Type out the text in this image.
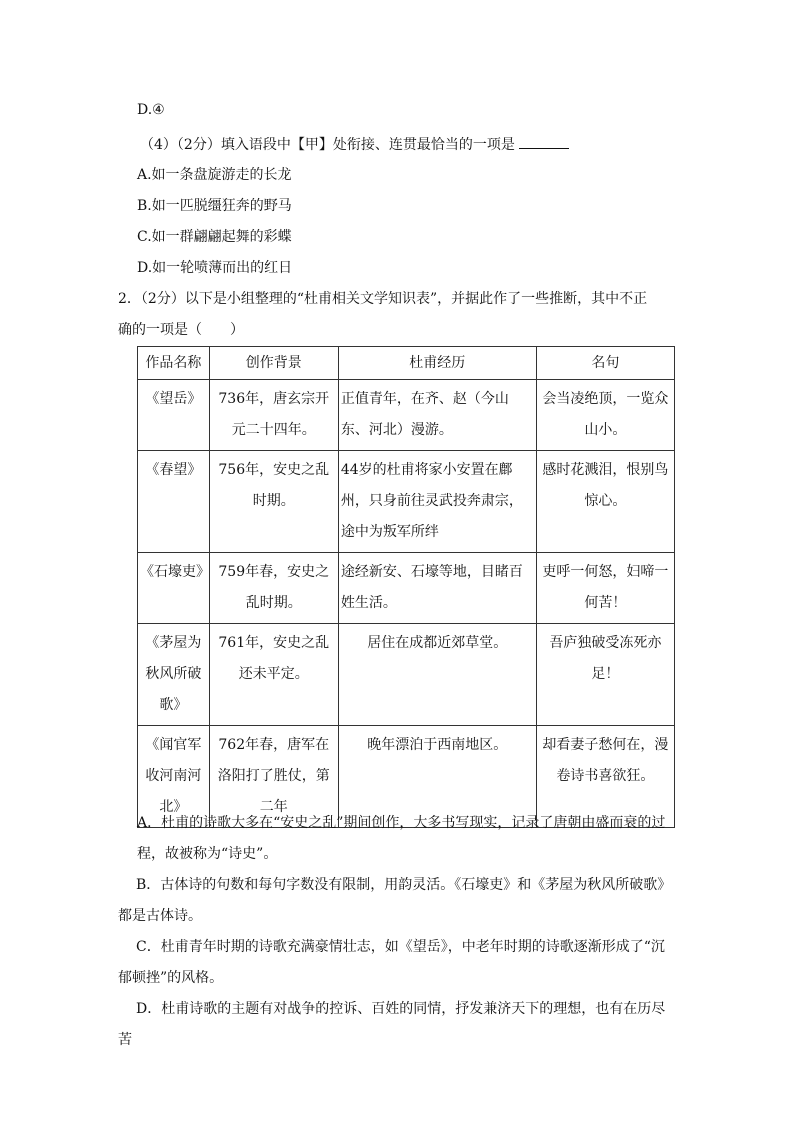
D.④
（4）（2分）填入语段中【甲】处衔接、连贯最恰当的一项是
A.如一条盘旋游走的长龙
B.如一匹脱缰狂奔的野马
C.如一群翩翩起舞的彩蝶
D.如一轮喷薄而出的红日
2．（2分）以下是小组整理的“杜甫相关文学知识表”，并据此作了一些推断，其中不正
确的一项是（　　）
作品名称	创作背景	杜甫经历	名句
《望岳》	736年，唐玄宗开元二十四年。	正值青年，在齐、赵（今山东、河北）漫游。	会当凌绝顶，一览众山小。
《春望》	756年，安史之乱时期。	44岁的杜甫将家小安置在鄜州，只身前往灵武投奔肃宗，途中为叛军所绊	感时花溅泪，恨别鸟惊心。
《石壕吏》	759年春，安史之乱时期。	途经新安、石壕等地，目睹百姓生活。	吏呼一何怒，妇啼一何苦！
《茅屋为秋风所破歌》	761年，安史之乱还未平定。	居住在成都近郊草堂。	吾庐独破受冻死亦足！
《闻官军收河南河北》	762年春，唐军在洛阳打了胜仗，第二年	晚年漂泊于西南地区。	却看妻子愁何在，漫卷诗书喜欲狂。
A．杜甫的诗歌大多在“安史之乱”期间创作，大多书写现实，记录了唐朝由盛而衰的过程，故被称为“诗史”。
B．古体诗的句数和每句字数没有限制，用韵灵活。《石壕吏》和《茅屋为秋风所破歌》都是古体诗。
C．杜甫青年时期的诗歌充满豪情壮志，如《望岳》，中老年时期的诗歌逐渐形成了“沉郁顿挫”的风格。
D．杜甫诗歌的主题有对战争的控诉、百姓的同情，抒发兼济天下的理想，也有在历尽苦
